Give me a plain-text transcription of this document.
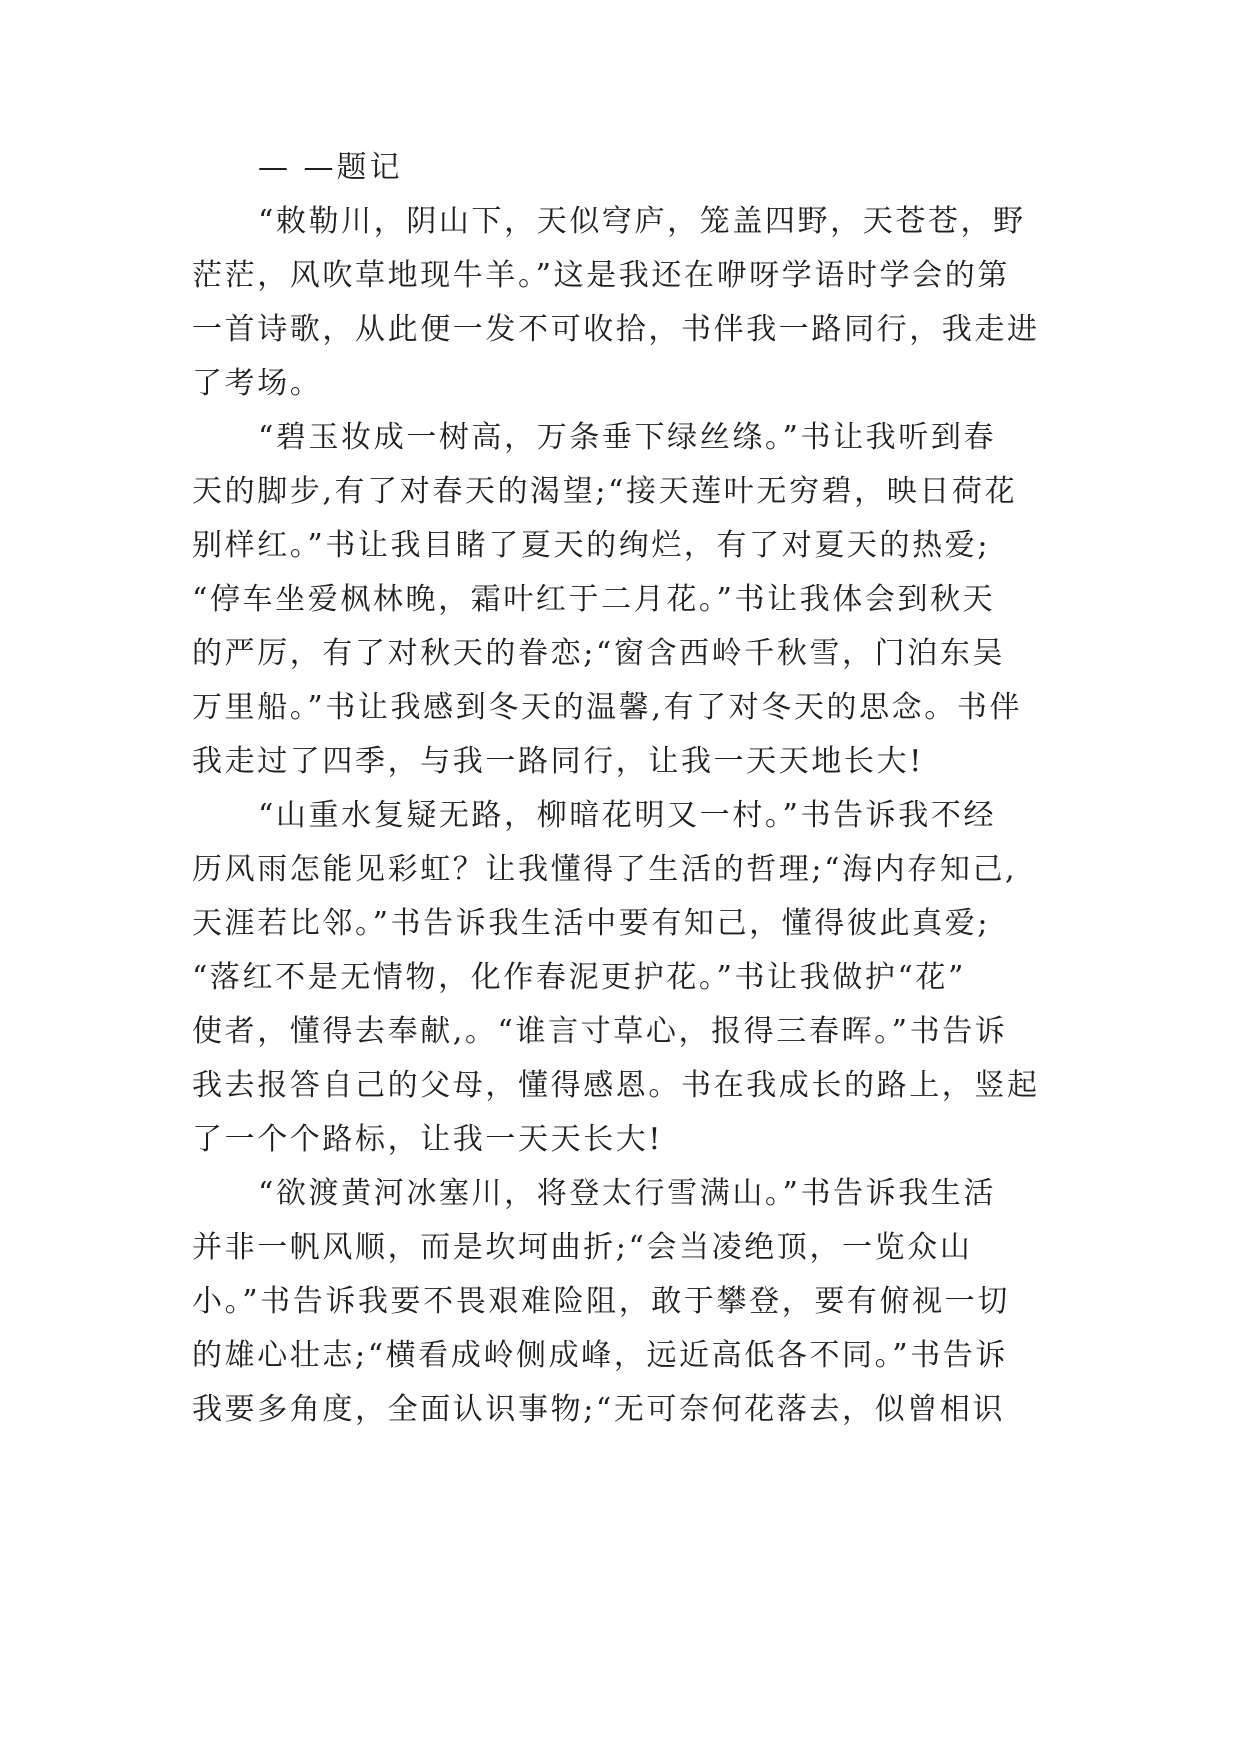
— —题记
“敕勒川，阴山下，天似穹庐，笼盖四野，天苍苍，野
茫茫，风吹草地现牛羊。”这是我还在咿呀学语时学会的第
一首诗歌，从此便一发不可收拾，书伴我一路同行，我走进
了考场。
“碧玉妆成一树高，万条垂下绿丝绦。”书让我听到春
天的脚步,有了对春天的渴望;“接天莲叶无穷碧，映日荷花
别样红。”书让我目睹了夏天的绚烂，有了对夏天的热爱;
“停车坐爱枫林晚，霜叶红于二月花。”书让我体会到秋天
的严厉，有了对秋天的眷恋;“窗含西岭千秋雪，门泊东吴
万里船。”书让我感到冬天的温馨,有了对冬天的思念。书伴
我走过了四季，与我一路同行，让我一天天地长大!
“山重水复疑无路，柳暗花明又一村。”书告诉我不经
历风雨怎能见彩虹？让我懂得了生活的哲理;“海内存知己,
天涯若比邻。”书告诉我生活中要有知己，懂得彼此真爱;
“落红不是无情物，化作春泥更护花。”书让我做护“花”
使者，懂得去奉献,。“谁言寸草心，报得三春晖。”书告诉
我去报答自己的父母，懂得感恩。书在我成长的路上，竖起
了一个个路标，让我一天天长大!
“欲渡黄河冰塞川，将登太行雪满山。”书告诉我生活
并非一帆风顺，而是坎坷曲折;“会当凌绝顶，一览众山
小。”书告诉我要不畏艰难险阻，敢于攀登，要有俯视一切
的雄心壮志;“横看成岭侧成峰，远近高低各不同。”书告诉
我要多角度，全面认识事物;“无可奈何花落去，似曾相识
